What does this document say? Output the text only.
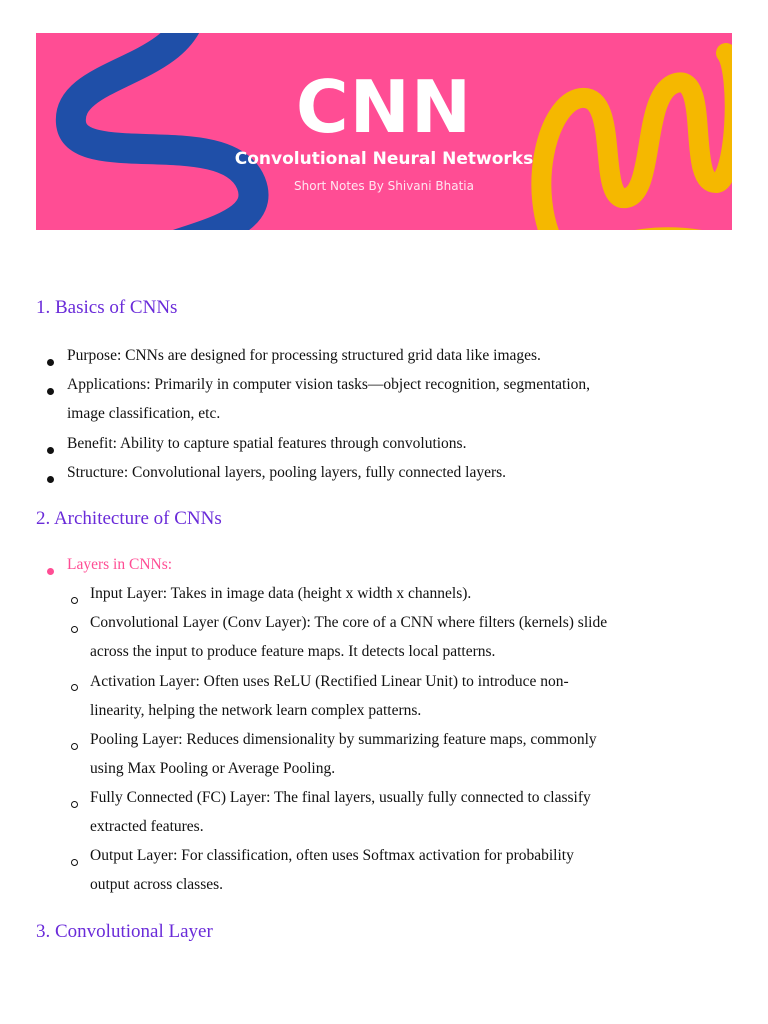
CNN
Convolutional Neural Networks
Short Notes By Shivani Bhatia
1. Basics of CNNs
Purpose: CNNs are designed for processing structured grid data like images.
Applications: Primarily in computer vision tasks—object recognition, segmentation,
image classification, etc.
Benefit: Ability to capture spatial features through convolutions.
Structure: Convolutional layers, pooling layers, fully connected layers.
2. Architecture of CNNs
Layers in CNNs:
Input Layer: Takes in image data (height x width x channels).
Convolutional Layer (Conv Layer): The core of a CNN where filters (kernels) slide
across the input to produce feature maps. It detects local patterns.
Activation Layer: Often uses ReLU (Rectified Linear Unit) to introduce non-
linearity, helping the network learn complex patterns.
Pooling Layer: Reduces dimensionality by summarizing feature maps, commonly
using Max Pooling or Average Pooling.
Fully Connected (FC) Layer: The final layers, usually fully connected to classify
extracted features.
Output Layer: For classification, often uses Softmax activation for probability
output across classes.
3. Convolutional Layer
